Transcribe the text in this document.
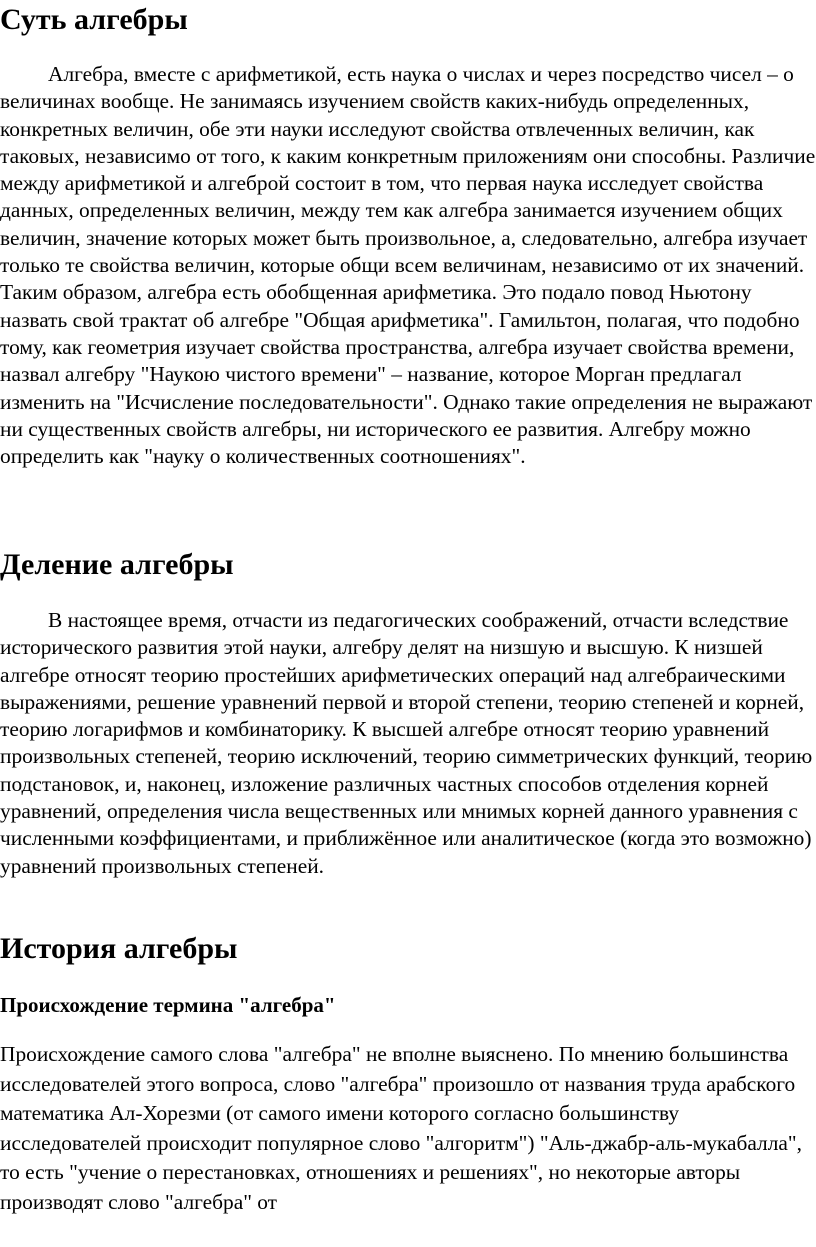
Суть алгебры

Алгебра, вместе с арифметикой, есть наука о числах и через посредство чисел – о величинах вообще. Не занимаясь изучением свойств каких-нибудь определенных, конкретных величин, обе эти науки исследуют свойства отвлеченных величин, как таковых, независимо от того, к каким конкретным приложениям они способны. Различие между арифметикой и алгеброй состоит в том, что первая наука исследует свойства данных, определенных величин, между тем как алгебра занимается изучением общих величин, значение которых может быть произвольное, а, следовательно, алгебра изучает только те свойства величин, которые общи всем величинам, независимо от их значений. Таким образом, алгебра есть обобщенная арифметика. Это подало повод Ньютону назвать свой трактат об алгебре "Общая арифметика". Гамильтон, полагая, что подобно тому, как геометрия изучает свойства пространства, алгебра изучает свойства времени, назвал алгебру "Наукою чистого времени" – название, которое Морган предлагал изменить на "Исчисление последовательности". Однако такие определения не выражают ни существенных свойств алгебры, ни исторического ее развития. Алгебру можно определить как "науку о количественных соотношениях".

Деление алгебры

В настоящее время, отчасти из педагогических соображений, отчасти вследствие исторического развития этой науки, алгебру делят на низшую и высшую. К низшей алгебре относят теорию простейших арифметических операций над алгебраическими выражениями, решение уравнений первой и второй степени, теорию степеней и корней, теорию логарифмов и комбинаторику. К высшей алгебре относят теорию уравнений произвольных степеней, теорию исключений, теорию симметрических функций, теорию подстановок, и, наконец, изложение различных частных способов отделения корней уравнений, определения числа вещественных или мнимых корней данного уравнения с численными коэффициентами, и приближённое или аналитическое (когда это возможно) уравнений произвольных степеней.

История алгебры
Происхождение термина "алгебра"

Происхождение самого слова "алгебра" не вполне выяснено. По мнению большинства исследователей этого вопроса, слово "алгебра" произошло от названия труда арабского математика Ал-Хорезми (от самого имени которого согласно большинству исследователей происходит популярное слово "алгоритм") "Аль-джабр-аль-мукабалла", то есть "учение о перестановках, отношениях и решениях", но некоторые авторы производят слово "алгебра" от
